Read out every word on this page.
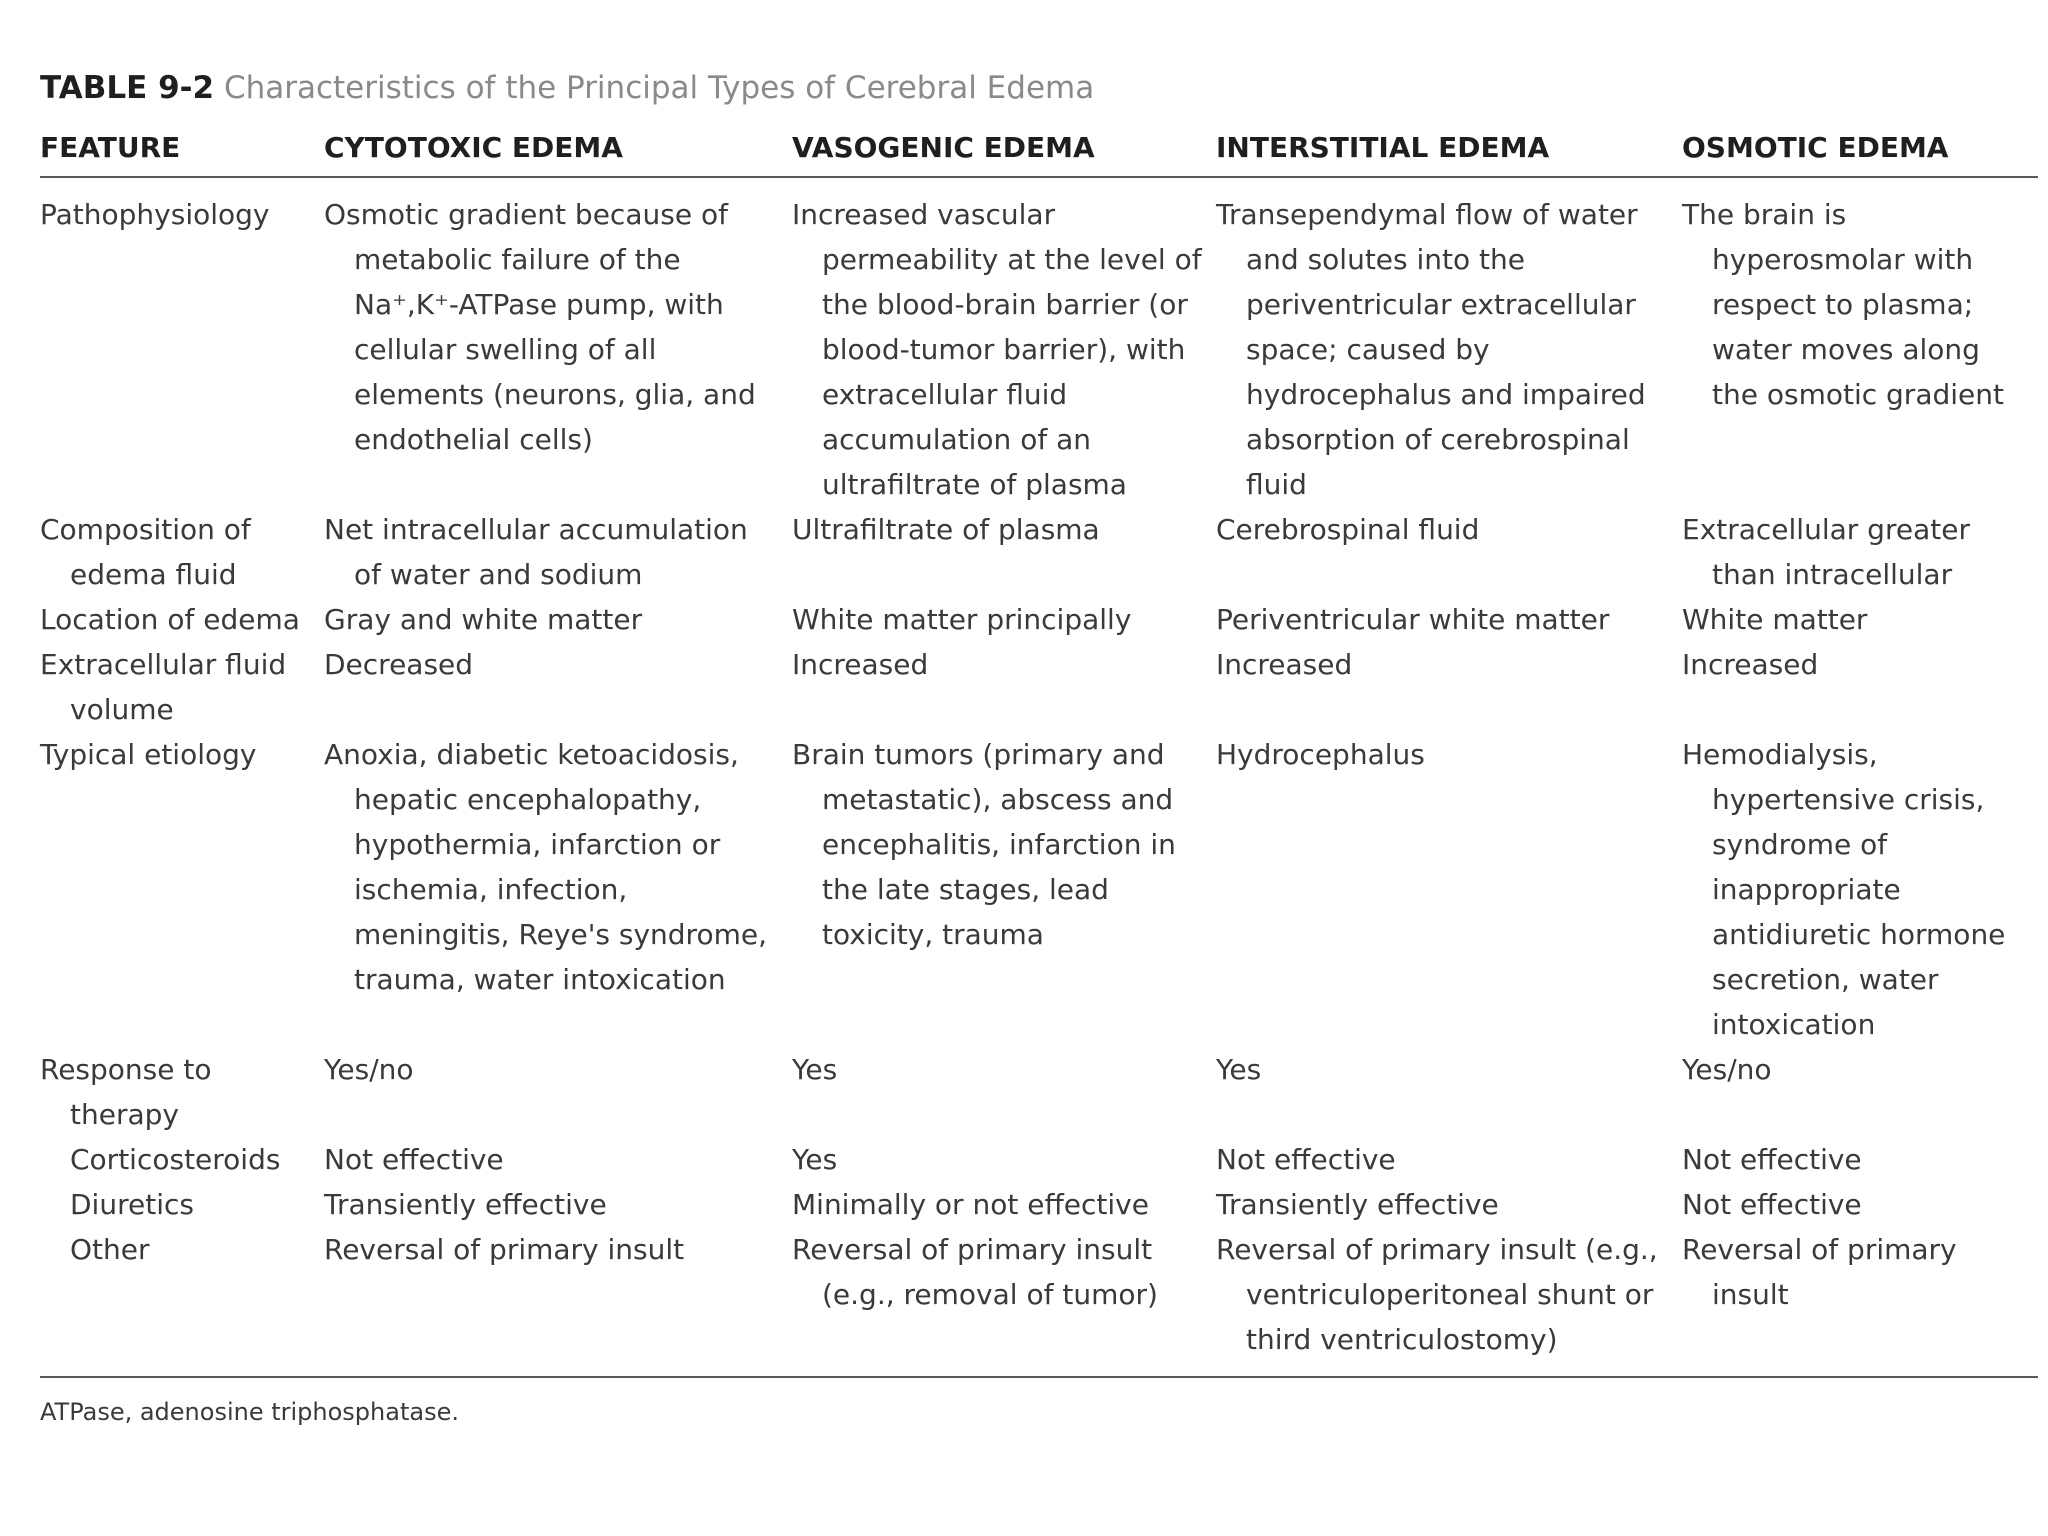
TABLE 9-2 Characteristics of the Principal Types of Cerebral Edema
FEATURE	CYTOTOXIC EDEMA	VASOGENIC EDEMA	INTERSTITIAL EDEMA	OSMOTIC EDEMA

Pathophysiology	Osmotic gradient because of metabolic failure of the Na⁺,K⁺-ATPase pump, with cellular swelling of all elements (neurons, glia, and endothelial cells)	Increased vascular permeability at the level of the blood-brain barrier (or blood-tumor barrier), with extracellular fluid accumulation of an ultrafiltrate of plasma	Transependymal flow of water and solutes into the periventricular extracellular space; caused by hydrocephalus and impaired absorption of cerebrospinal fluid	The brain is hyperosmolar with respect to plasma; water moves along the osmotic gradient

Composition of edema fluid	Net intracellular accumulation of water and sodium	Ultrafiltrate of plasma	Cerebrospinal fluid	Extracellular greater than intracellular

Location of edema	Gray and white matter	White matter principally	Periventricular white matter	White matter

Extracellular fluid volume	Decreased	Increased	Increased	Increased

Typical etiology	Anoxia, diabetic ketoacidosis, hepatic encephalopathy, hypothermia, infarction or ischemia, infection, meningitis, Reye's syndrome, trauma, water intoxication	Brain tumors (primary and metastatic), abscess and encephalitis, infarction in the late stages, lead toxicity, trauma	Hydrocephalus	Hemodialysis, hypertensive crisis, syndrome of inappropriate antidiuretic hormone secretion, water intoxication

Response to therapy	Yes/no	Yes	Yes	Yes/no

Corticosteroids	Not effective	Yes	Not effective	Not effective

Diuretics	Transiently effective	Minimally or not effective	Transiently effective	Not effective

Other	Reversal of primary insult	Reversal of primary insult (e.g., removal of tumor)	Reversal of primary insult (e.g., ventriculoperitoneal shunt or third ventriculostomy)	Reversal of primary insult
ATPase, adenosine triphosphatase.
